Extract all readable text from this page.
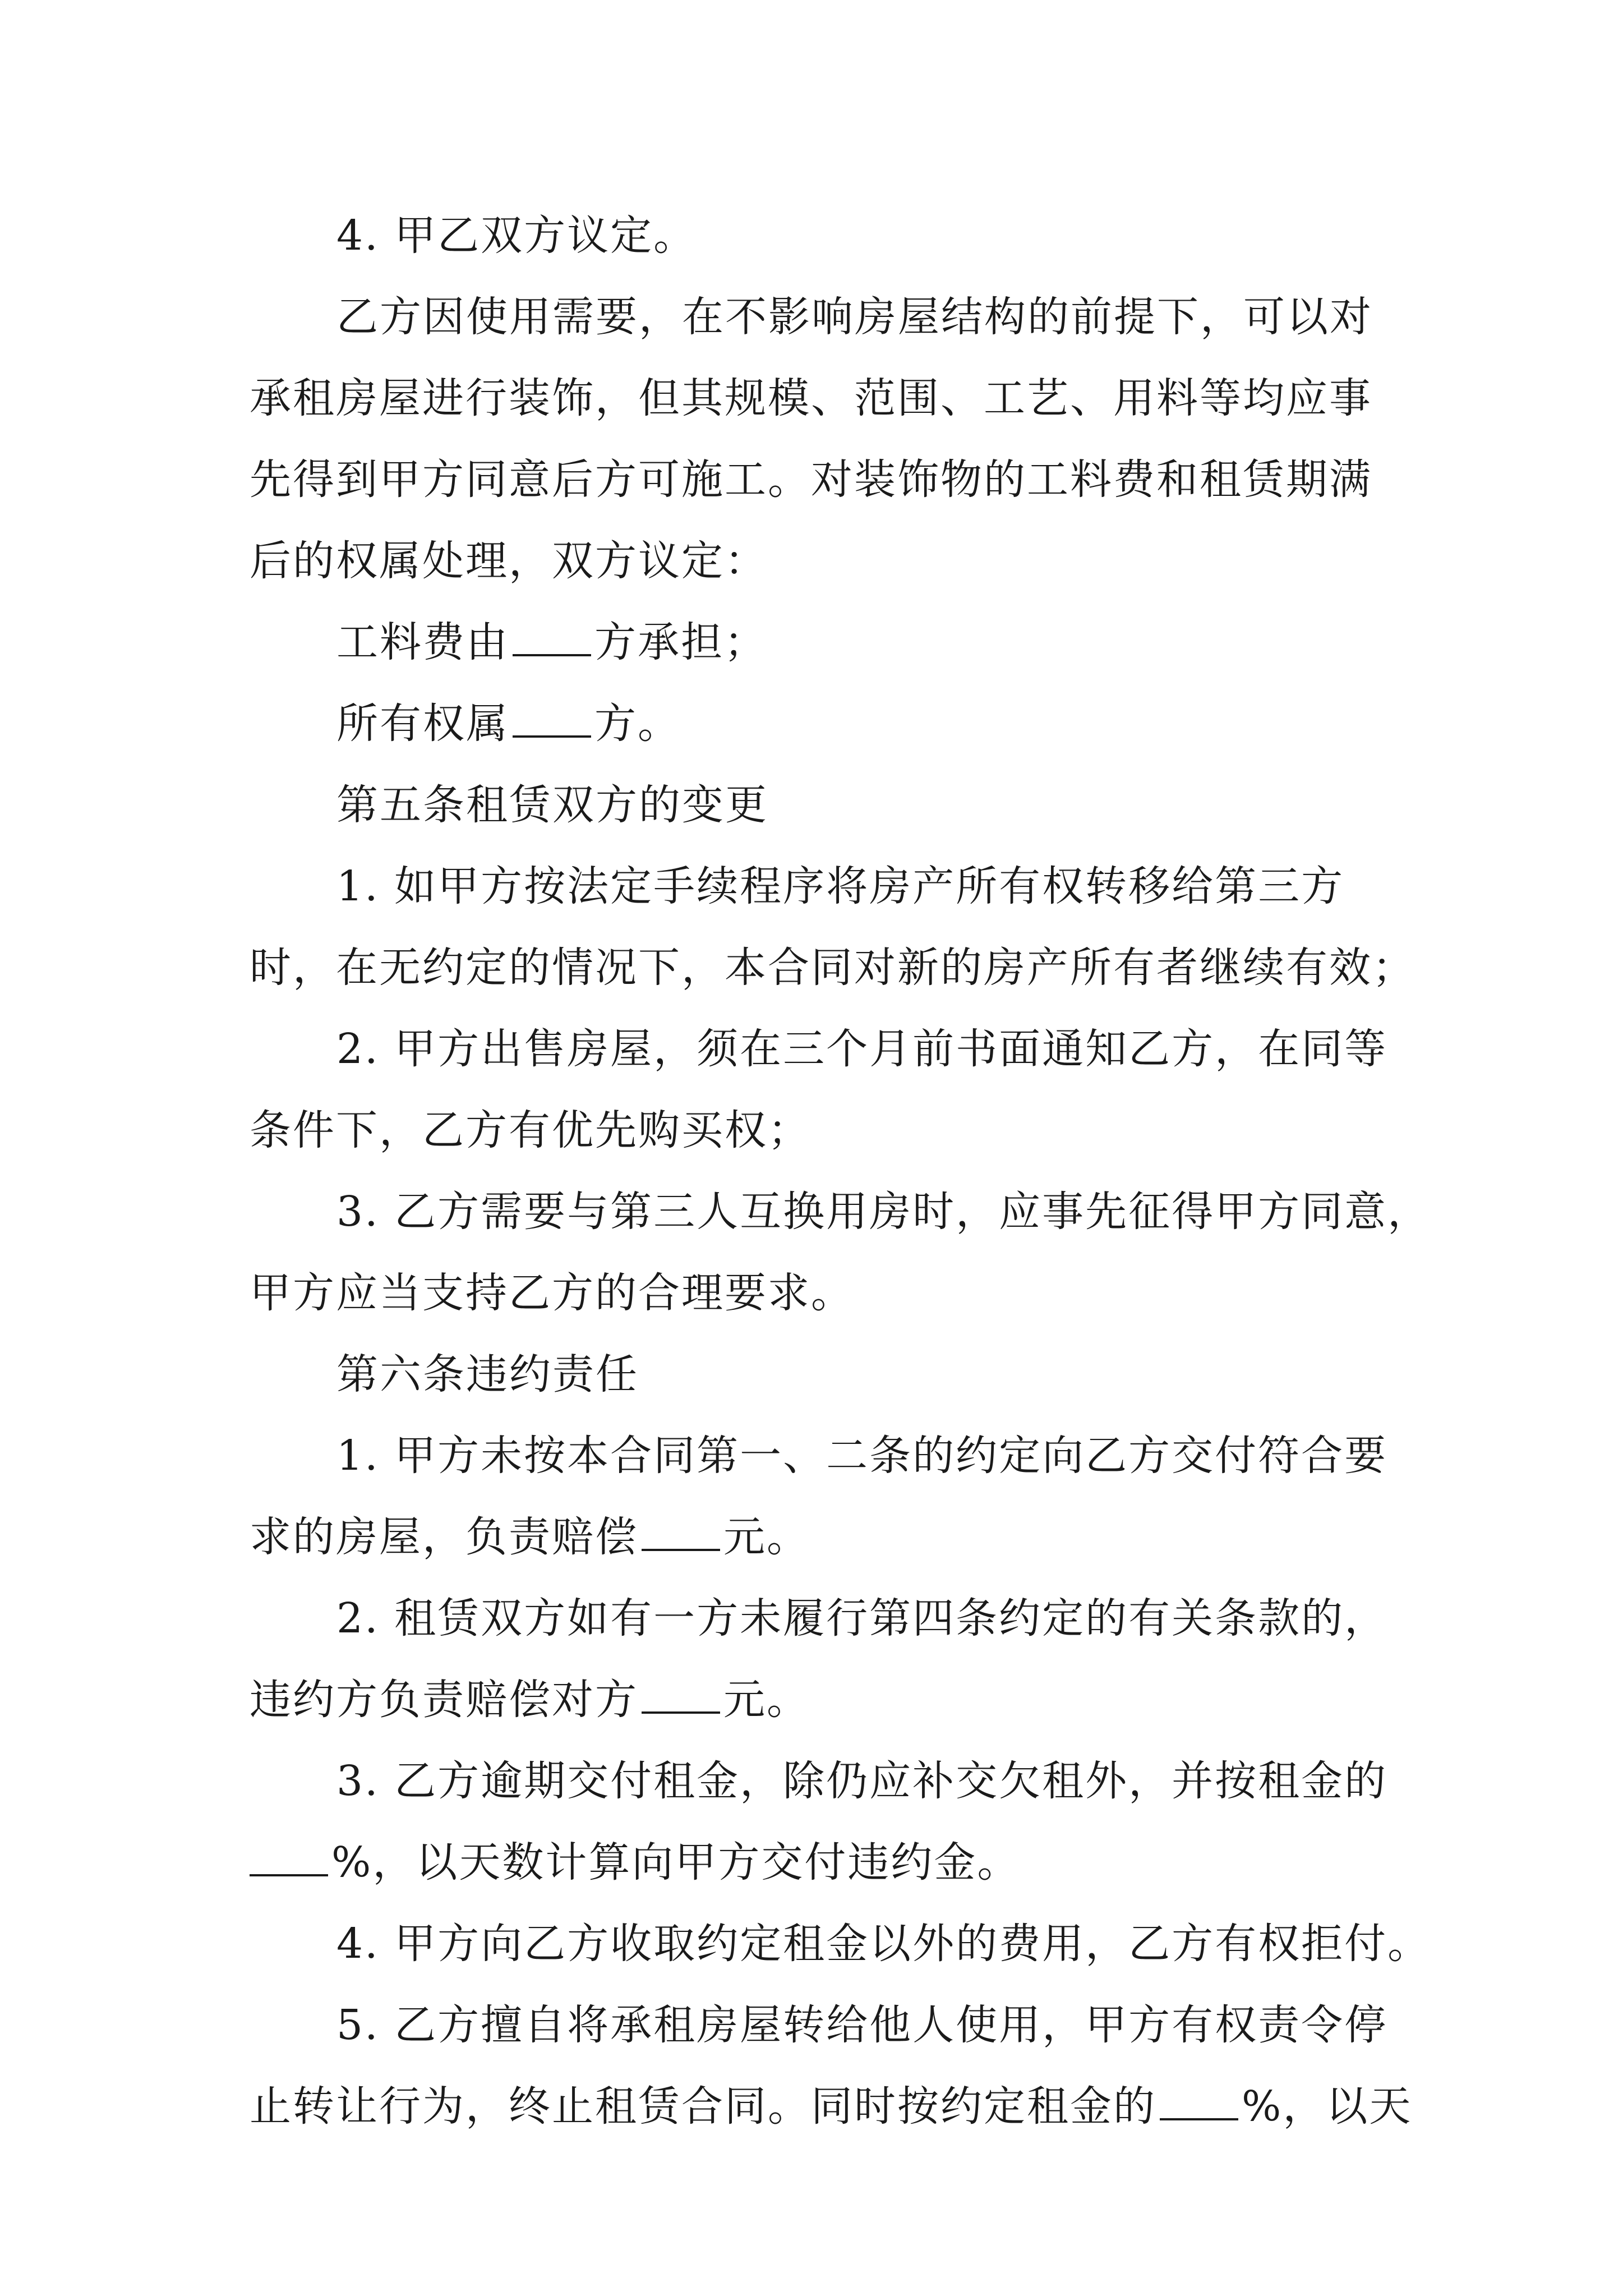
4. 甲乙双方议定。
乙方因使用需要，在不影响房屋结构的前提下，可以对
承租房屋进行装饰，但其规模、范围、工艺、用料等均应事
先得到甲方同意后方可施工。对装饰物的工料费和租赁期满
后的权属处理，双方议定：
工料费由 方承担；
所有权属 方。
第五条租赁双方的变更
1. 如甲方按法定手续程序将房产所有权转移给第三方
时，在无约定的情况下，本合同对新的房产所有者继续有效；
2. 甲方出售房屋，须在三个月前书面通知乙方，在同等
条件下，乙方有优先购买权；
3. 乙方需要与第三人互换用房时，应事先征得甲方同意，
甲方应当支持乙方的合理要求。
第六条违约责任
1. 甲方未按本合同第一、二条的约定向乙方交付符合要
求的房屋，负责赔偿 元。
2. 租赁双方如有一方未履行第四条约定的有关条款的，
违约方负责赔偿对方 元。
3. 乙方逾期交付租金，除仍应补交欠租外，并按租金的
%，以天数计算向甲方交付违约金。
4. 甲方向乙方收取约定租金以外的费用，乙方有权拒付。
5. 乙方擅自将承租房屋转给他人使用，甲方有权责令停
止转让行为，终止租赁合同。同时按约定租金的 %，以天
